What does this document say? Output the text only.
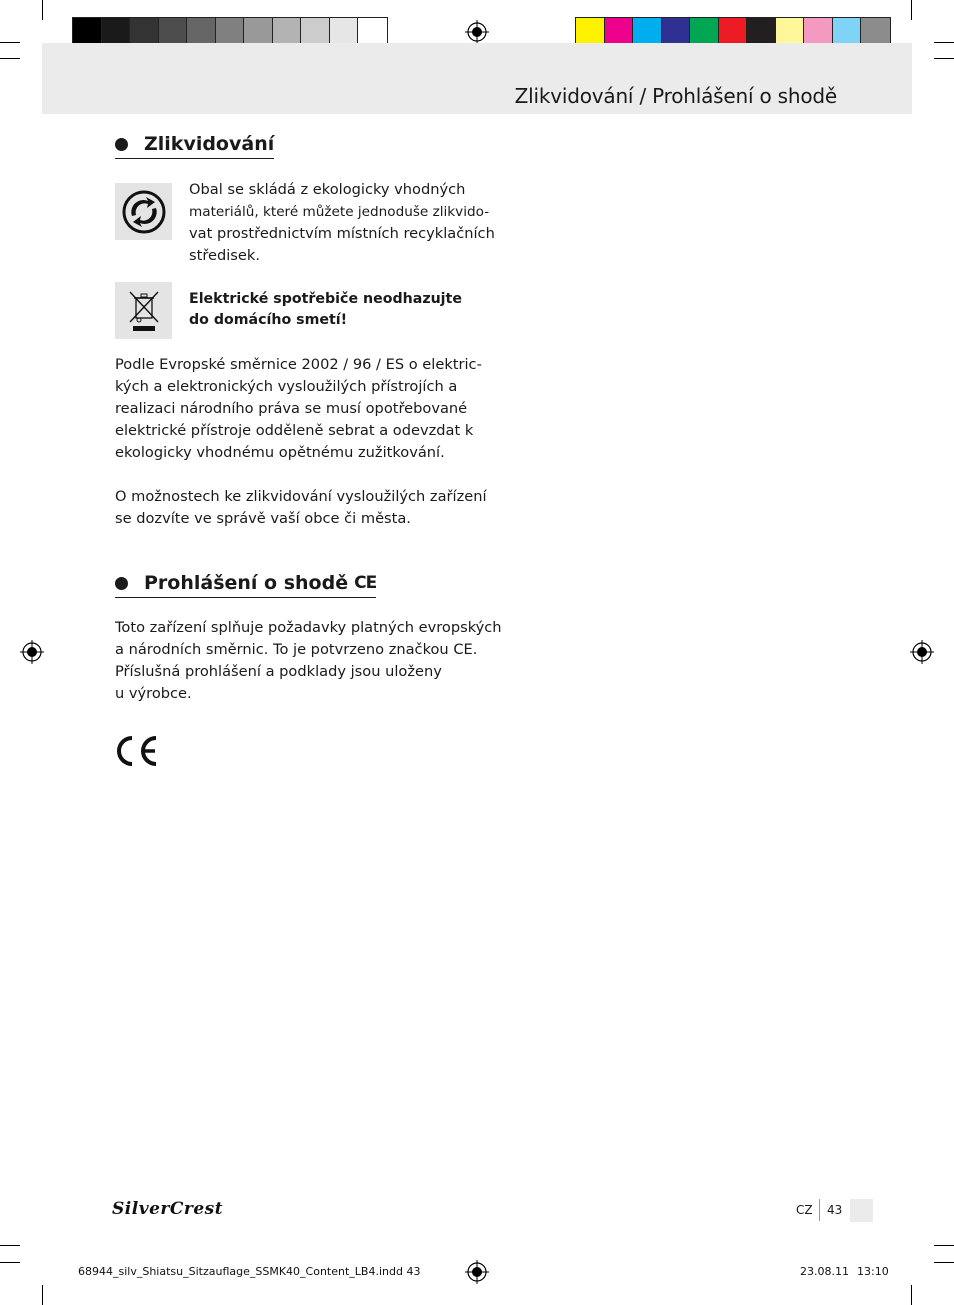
Zlikvidování / Prohlášení o shodě
Zlikvidování
Obal se skládá z ekologicky vhodných
materiálů, které můžete jednoduše zlikvido-
vat prostřednictvím místních recyklačních
středisek.
Elektrické spotřebiče neodhazujte
do domácího smetí!
Podle Evropské směrnice 2002 / 96 / ES o elektric-
kých a elektronických vysloužilých přístrojích a
realizaci národního práva se musí opotřebované
elektrické přístroje odděleně sebrat a odevzdat k
ekologicky vhodnému opětnému zužitkování.
O možnostech ke zlikvidování vysloužilých zařízení
se dozvíte ve správě vaší obce či města.
Prohlášení o shodě CE
Toto zařízení splňuje požadavky platných evropských
a národních směrnic. To je potvrzeno značkou CE.
Příslušná prohlášení a podklady jsou uloženy
u výrobce.
SilverCrest	CZ 43
68944_silv_Shiatsu_Sitzauflage_SSMK40_Content_LB4.indd 43	23.08.11 13:10
